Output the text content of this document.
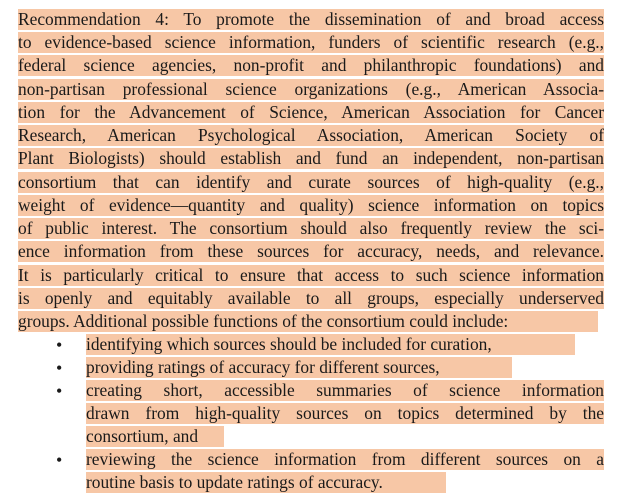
Recommendation 4: To promote the dissemination of and broad access
to evidence-based science information, funders of scientific research (e.g.,
federal science agencies, non-profit and philanthropic foundations) and
non-partisan professional science organizations (e.g., American Associa-
tion for the Advancement of Science, American Association for Cancer
Research, American Psychological Association, American Society of
Plant Biologists) should establish and fund an independent, non-partisan
consortium that can identify and curate sources of high-quality (e.g.,
weight of evidence—quantity and quality) science information on topics
of public interest. The consortium should also frequently review the sci-
ence information from these sources for accuracy, needs, and relevance.
It is particularly critical to ensure that access to such science information
is openly and equitably available to all groups, especially underserved
groups. Additional possible functions of the consortium could include:
• identifying which sources should be included for curation,
• providing ratings of accuracy for different sources,
• creating short, accessible summaries of science information
drawn from high-quality sources on topics determined by the
consortium, and
• reviewing the science information from different sources on a
routine basis to update ratings of accuracy.
